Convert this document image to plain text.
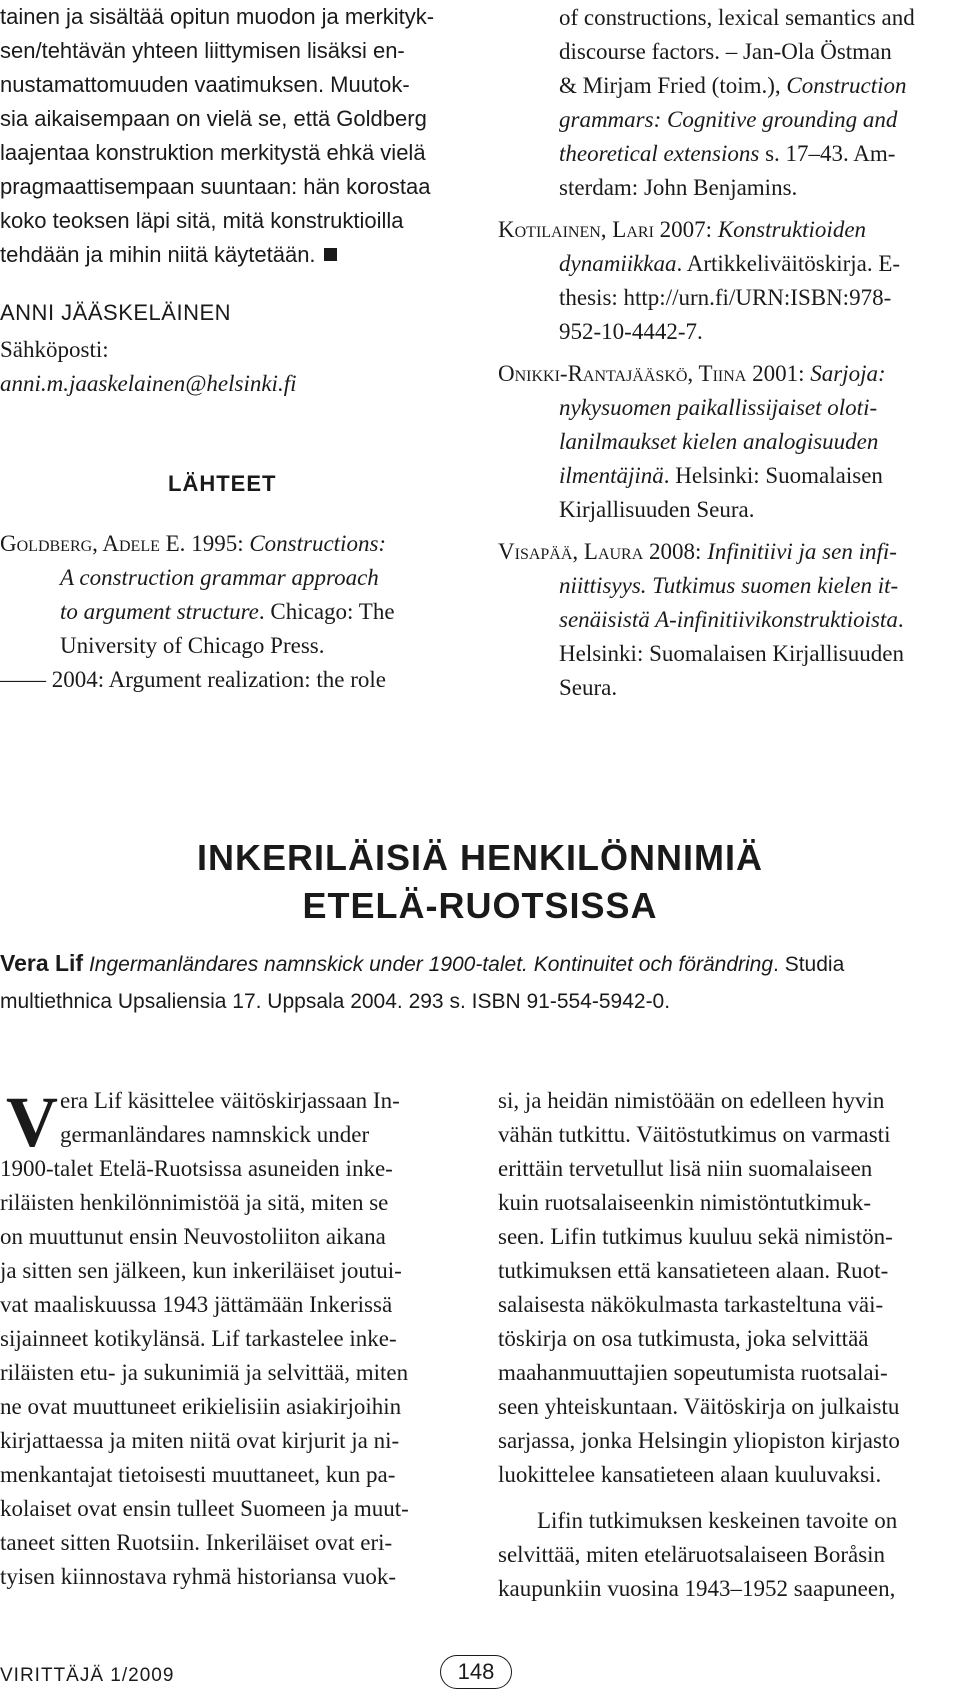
tainen ja sisältää opitun muodon ja merkityk-
sen/tehtävän yhteen liittymisen lisäksi en-
nustamattomuuden vaatimuksen. Muutok-
sia aikaisempaan on vielä se, että Goldberg
laajentaa konstruktion merkitystä ehkä vielä
pragmaattisempaan suuntaan: hän korostaa
koko teoksen läpi sitä, mitä konstruktioilla
tehdään ja mihin niitä käytetään.
ANNI JÄÄSKELÄINEN
Sähköposti:
anni.m.jaaskelainen@helsinki.fi
LÄHTEET
Goldberg, Adele E. 1995: Constructions:
A construction grammar approach
to argument structure. Chicago: The
University of Chicago Press.
—— 2004: Argument realization: the role
of constructions, lexical semantics and
discourse factors. – Jan-Ola Östman
& Mirjam Fried (toim.), Construction
grammars: Cognitive grounding and
theoretical extensions s. 17–43. Am-
sterdam: John Benjamins.
Kotilainen, Lari 2007: Konstruktioiden
dynamiikkaa. Artikkeliväitöskirja. E-
thesis: http://urn.fi/URN:ISBN:978-
952-10-4442-7.
Onikki-Rantajääskö, Tiina 2001: Sarjoja:
nykysuomen paikallissijaiset oloti-
lanilmaukset kielen analogisuuden
ilmentäjinä. Helsinki: Suomalaisen
Kirjallisuuden Seura.
Visapää, Laura 2008: Infinitiivi ja sen infi-
niittisyys. Tutkimus suomen kielen it-
senäisistä A-infinitiivikonstruktioista.
Helsinki: Suomalaisen Kirjallisuuden
Seura.
INKERILÄISIÄ HENKILÖNNIMIÄ
ETELÄ-RUOTSISSA
Vera Lif Ingermanländares namnskick under 1900-talet. Kontinuitet och förändring. Studia
multiethnica Upsaliensia 17. Uppsala 2004. 293 s. ISBN 91-554-5942-0.
V era Lif käsittelee väitöskirjassaan In-
germanländares namnskick under
1900-talet Etelä-Ruotsissa asuneiden inke-
riläisten henkilönnimistöä ja sitä, miten se
on muuttunut ensin Neuvostoliiton aikana
ja sitten sen jälkeen, kun inkeriläiset joutui-
vat maaliskuussa 1943 jättämään Inkerissä
sijainneet kotikylänsä. Lif tarkastelee inke-
riläisten etu- ja sukunimiä ja selvittää, miten
ne ovat muuttuneet erikielisiin asiakirjoihin
kirjattaessa ja miten niitä ovat kirjurit ja ni-
menkantajat tietoisesti muuttaneet, kun pa-
kolaiset ovat ensin tulleet Suomeen ja muut-
taneet sitten Ruotsiin. Inkeriläiset ovat eri-
tyisen kiinnostava ryhmä historiansa vuok-
si, ja heidän nimistöään on edelleen hyvin
vähän tutkittu. Väitöstutkimus on varmasti
erittäin tervetullut lisä niin suomalaiseen
kuin ruotsalaiseenkin nimistöntutkimuk-
seen. Lifin tutkimus kuuluu sekä nimistön-
tutkimuksen että kansatieteen alaan. Ruot-
salaisesta näkökulmasta tarkasteltuna väi-
töskirja on osa tutkimusta, joka selvittää
maahanmuuttajien sopeutumista ruotsalai-
seen yhteiskuntaan. Väitöskirja on julkaistu
sarjassa, jonka Helsingin yliopiston kirjasto
luokittelee kansatieteen alaan kuuluvaksi.
Lifin tutkimuksen keskeinen tavoite on
selvittää, miten eteläruotsalaiseen Boråsin
kaupunkiin vuosina 1943–1952 saapuneen,
VIRITTÄJÄ 1/2009	148
